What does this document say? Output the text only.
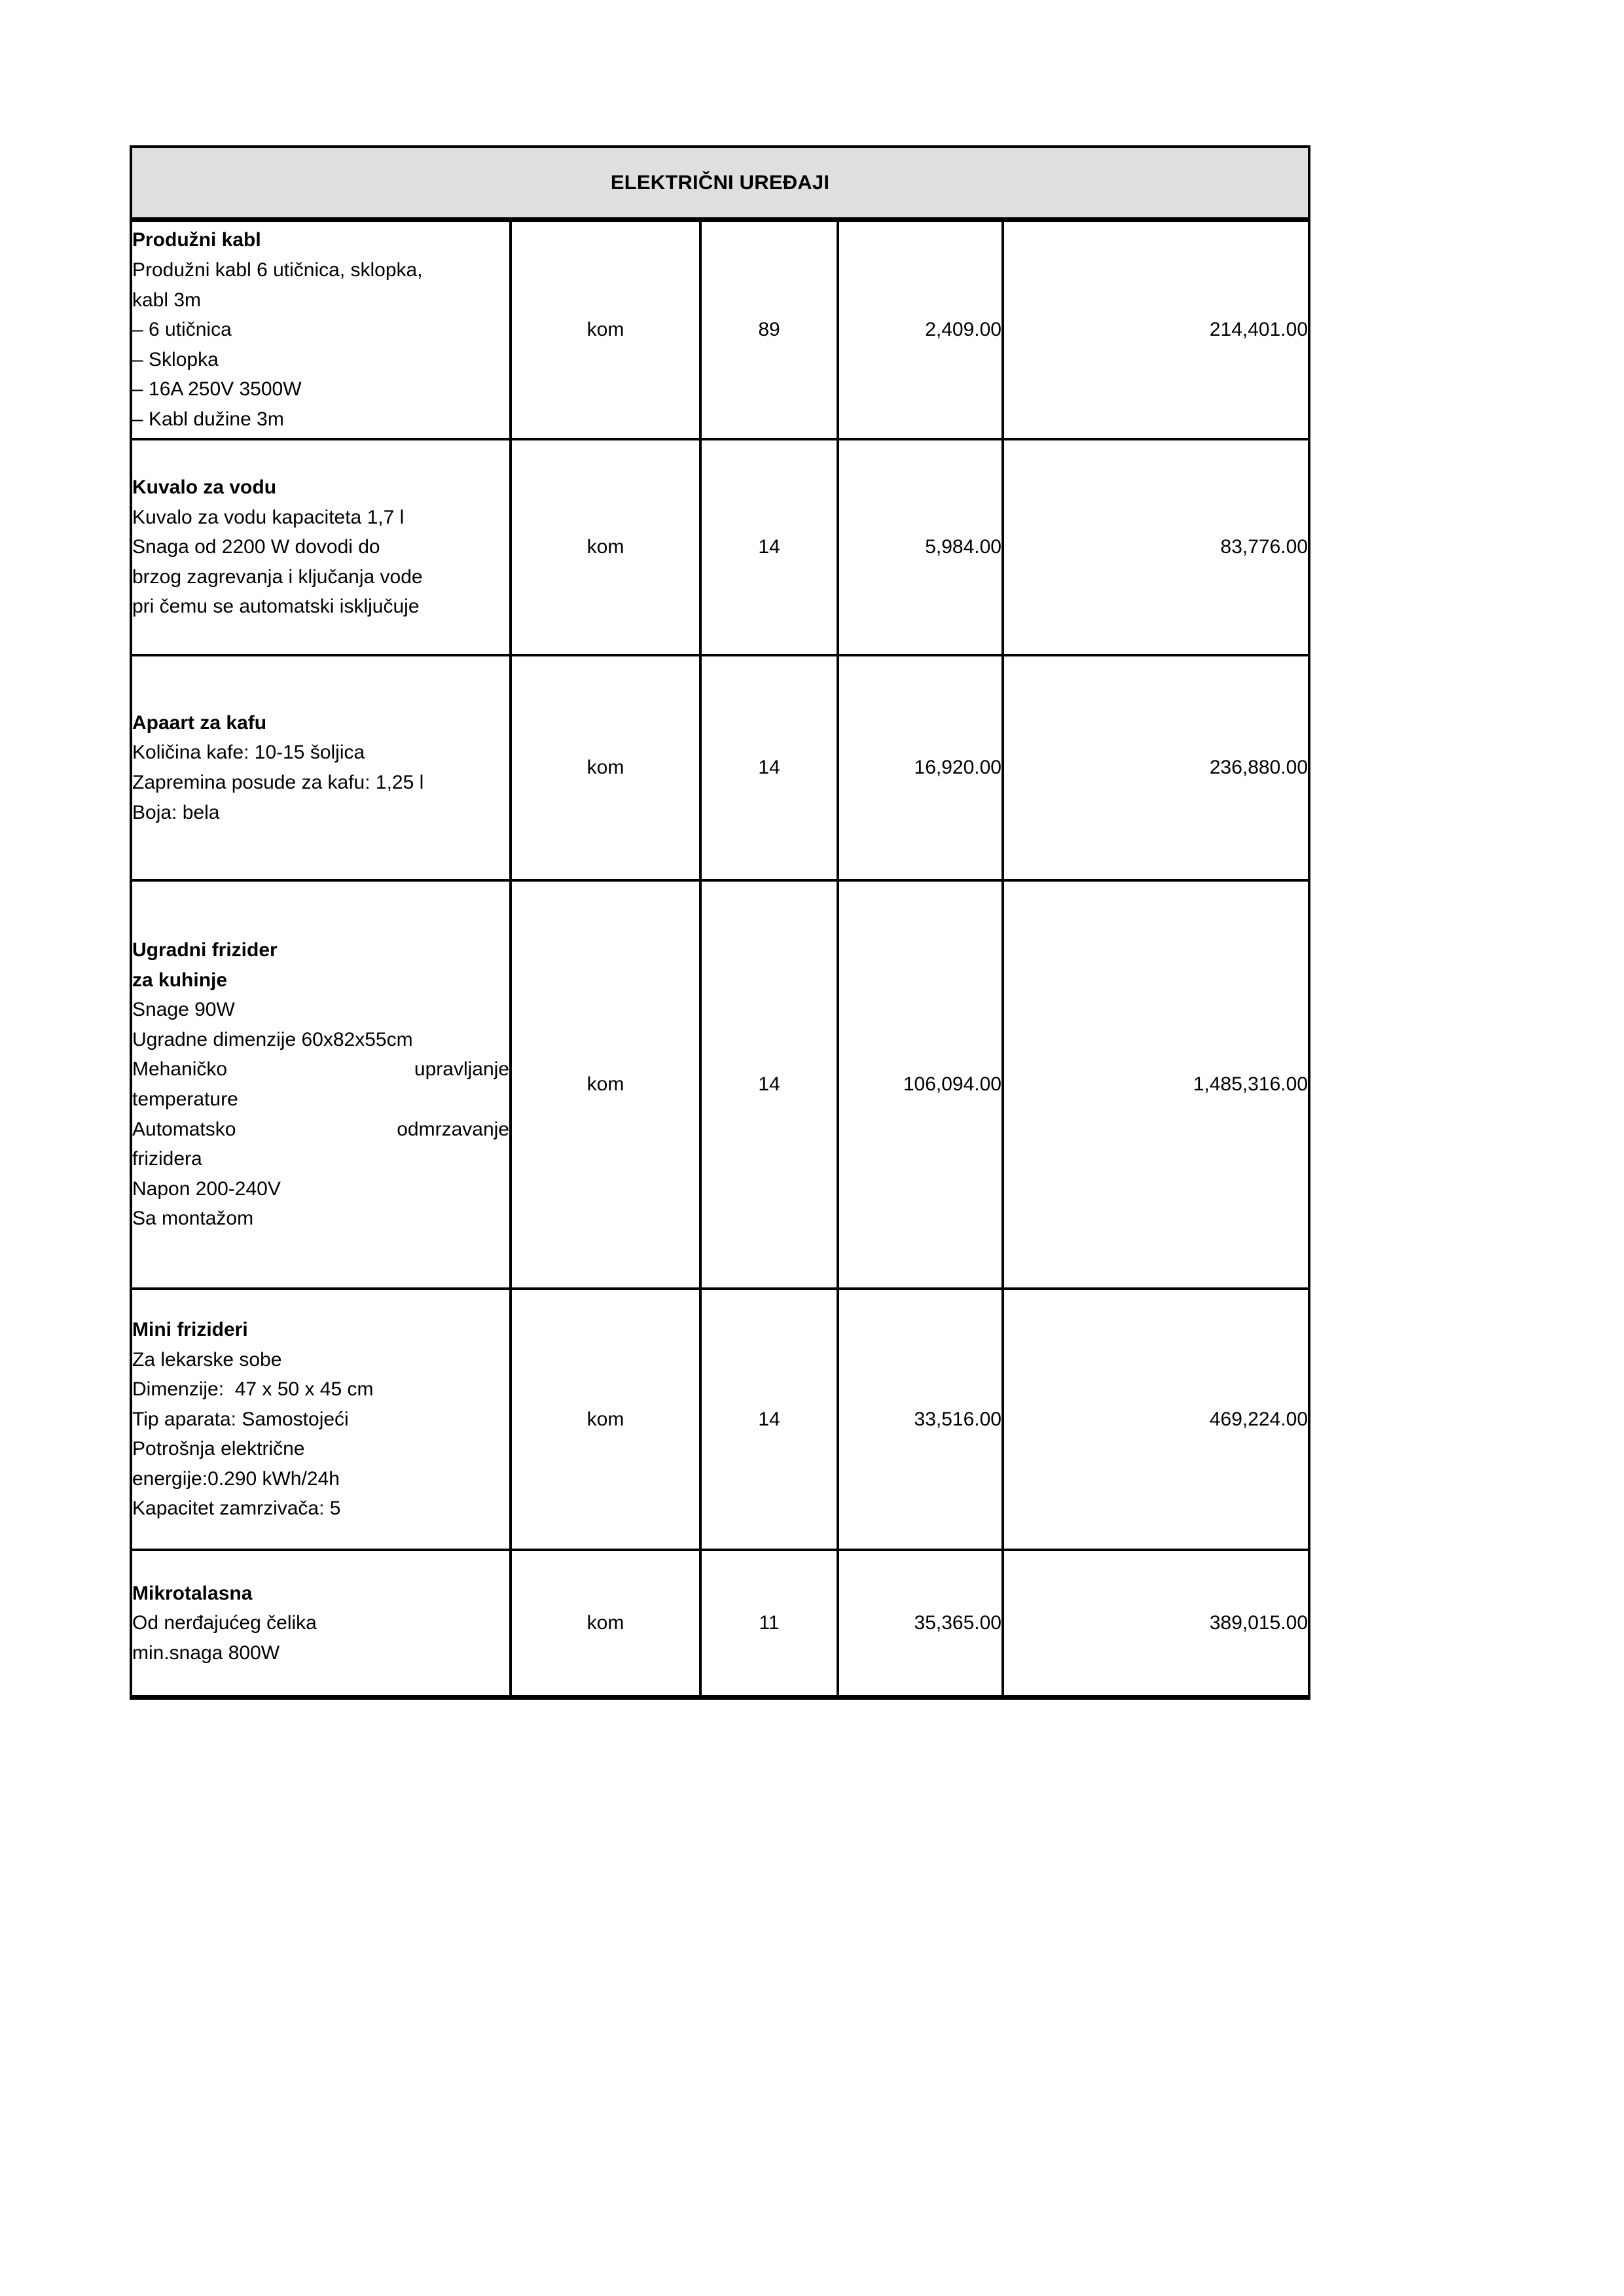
ELEKTRIČNI UREĐAJI				

Produžni kabl
Produžni kabl 6 utičnica, sklopka,
kabl 3m
– 6 utičnica
– Sklopka
– 16A 250V 3500W
– Kabl dužine 3m
	kom	89	2,409.00	214,401.00

Kuvalo za vodu
Kuvalo za vodu kapaciteta 1,7 l
Snaga od 2200 W dovodi do
brzog zagrevanja i ključanja vode
pri čemu se automatski isključuje	kom	14	5,984.00	83,776.00

Apaart za kafu
Količina kafe: 10-15 šoljica
Zapremina posude za kafu: 1,25 l
Boja: bela	kom	14	16,920.00	236,880.00

Ugradni frizider
za kuhinje
Snage 90W
Ugradne dimenzije 60x82x55cm
Mehaničko upravljanje
temperature
Automatsko odmrzavanje
frizidera
Napon 200-240V
Sa montažom
	kom	14	106,094.00	1,485,316.00

Mini frizideri
Za lekarske sobe
Dimenzije:  47 x 50 x 45 cm
Tip aparata: Samostojeći
Potrošnja električne
energije:0.290 kWh/24h
Kapacitet zamrzivača: 5
	kom	14	33,516.00	469,224.00

Mikrotalasna
Od nerđajućeg čelika
min.snaga 800W	kom	11	35,365.00	389,015.00
